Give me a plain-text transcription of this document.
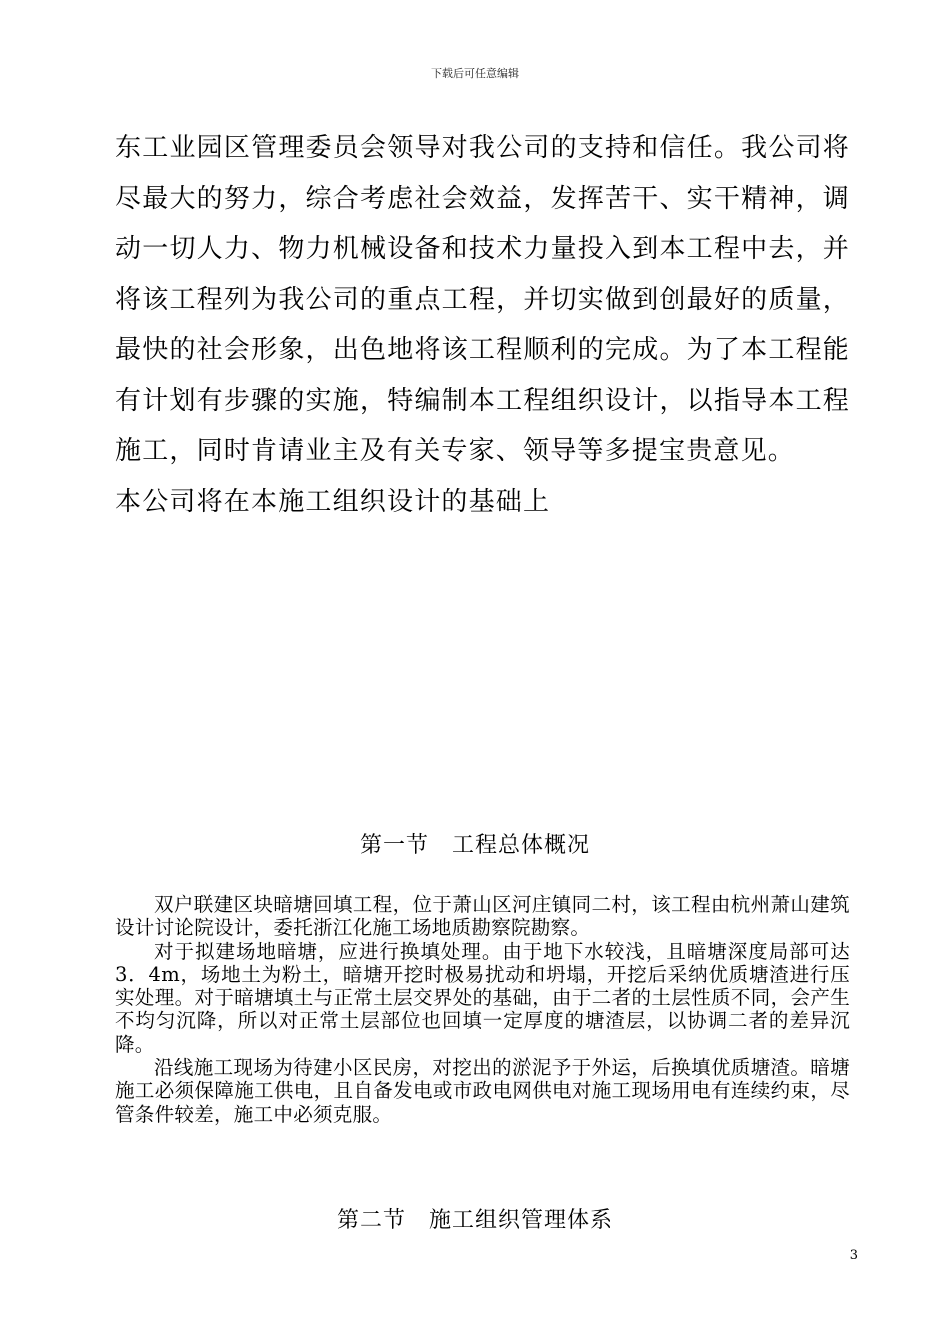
下载后可任意编辑

东工业园区管理委员会领导对我公司的支持和信任。我公司将尽最大的努力，综合考虑社会效益，发挥苦干、实干精神，调动一切人力、物力机械设备和技术力量投入到本工程中去，并将该工程列为我公司的重点工程，并切实做到创最好的质量，最快的社会形象，出色地将该工程顺利的完成。为了本工程能有计划有步骤的实施，特编制本工程组织设计，以指导本工程施工，同时肯请业主及有关专家、领导等多提宝贵意见。

本公司将在本施工组织设计的基础上

第一节　工程总体概况

双户联建区块暗塘回填工程，位于萧山区河庄镇同二村，该工程由杭州萧山建筑设计讨论院设计，委托浙江化施工场地质勘察院勘察。

对于拟建场地暗塘，应进行换填处理。由于地下水较浅，且暗塘深度局部可达3．4m，场地土为粉土，暗塘开挖时极易扰动和坍塌，开挖后采纳优质塘渣进行压实处理。对于暗塘填土与正常土层交界处的基础，由于二者的土层性质不同，会产生不均匀沉降，所以对正常土层部位也回填一定厚度的塘渣层，以协调二者的差异沉降。

沿线施工现场为待建小区民房，对挖出的淤泥予于外运，后换填优质塘渣。暗塘施工必须保障施工供电，且自备发电或市政电网供电对施工现场用电有连续约束，尽管条件较差，施工中必须克服。

第二节　施工组织管理体系
3
